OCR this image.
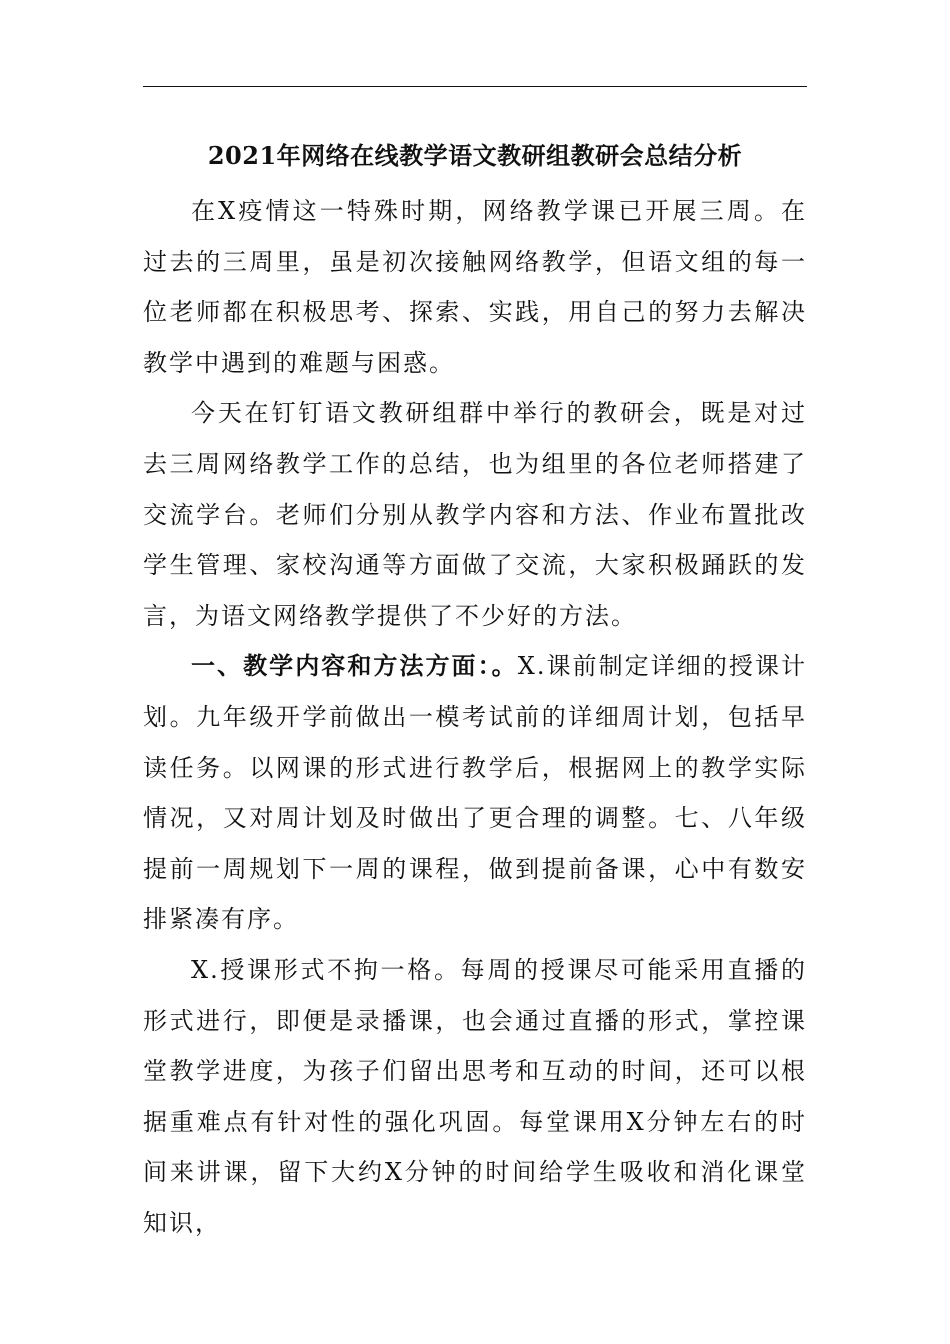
2021年网络在线教学语文教研组教研会总结分析

在X疫情这一特殊时期，网络教学课已开展三周。在过去的三周里，虽是初次接触网络教学，但语文组的每一位老师都在积极思考、探索、实践，用自己的努力去解决教学中遇到的难题与困惑。

今天在钉钉语文教研组群中举行的教研会，既是对过去三周网络教学工作的总结，也为组里的各位老师搭建了交流学台。老师们分别从教学内容和方法、作业布置批改学生管理、家校沟通等方面做了交流，大家积极踊跃的发言，为语文网络教学提供了不少好的方法。

一、教学内容和方法方面：。X.课前制定详细的授课计划。九年级开学前做出一模考试前的详细周计划，包括早读任务。以网课的形式进行教学后，根据网上的教学实际情况，又对周计划及时做出了更合理的调整。七、八年级提前一周规划下一周的课程，做到提前备课，心中有数安排紧凑有序。

X.授课形式不拘一格。每周的授课尽可能采用直播的形式进行，即便是录播课，也会通过直播的形式，掌控课堂教学进度，为孩子们留出思考和互动的时间，还可以根据重难点有针对性的强化巩固。每堂课用X分钟左右的时间来讲课，留下大约X分钟的时间给学生吸收和消化课堂知识，
